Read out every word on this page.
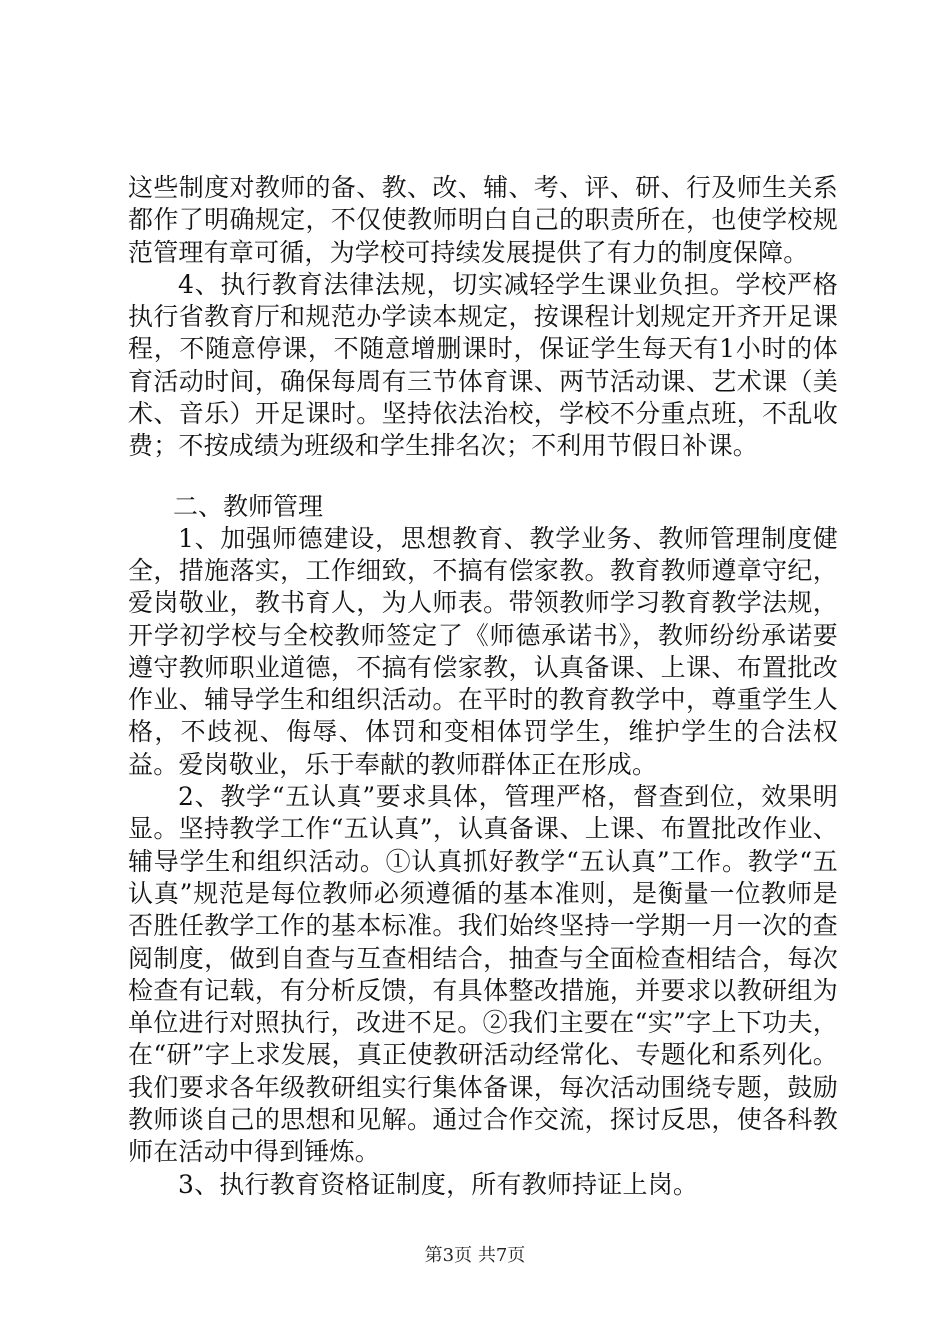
这些制度对教师的备、教、改、辅、考、评、研、行及师生关系都作了明确规定，不仅使教师明白自己的职责所在，也使学校规范管理有章可循，为学校可持续发展提供了有力的制度保障。

4、执行教育法律法规，切实减轻学生课业负担。学校严格执行省教育厅和规范办学读本规定，按课程计划规定开齐开足课程，不随意停课，不随意增删课时，保证学生每天有1小时的体育活动时间，确保每周有三节体育课、两节活动课、艺术课（美术、音乐）开足课时。坚持依法治校，学校不分重点班，不乱收费；不按成绩为班级和学生排名次；不利用节假日补课。

二、教师管理

1、加强师德建设，思想教育、教学业务、教师管理制度健全，措施落实，工作细致，不搞有偿家教。教育教师遵章守纪，爱岗敬业，教书育人，为人师表。带领教师学习教育教学法规，开学初学校与全校教师签定了《师德承诺书》，教师纷纷承诺要遵守教师职业道德，不搞有偿家教，认真备课、上课、布置批改作业、辅导学生和组织活动。在平时的教育教学中，尊重学生人格，不歧视、侮辱、体罚和变相体罚学生，维护学生的合法权益。爱岗敬业，乐于奉献的教师群体正在形成。

2、教学“五认真”要求具体，管理严格，督查到位，效果明显。坚持教学工作“五认真”，认真备课、上课、布置批改作业、辅导学生和组织活动。①认真抓好教学“五认真”工作。教学“五认真”规范是每位教师必须遵循的基本准则，是衡量一位教师是否胜任教学工作的基本标准。我们始终坚持一学期一月一次的查阅制度，做到自查与互查相结合，抽查与全面检查相结合，每次检查有记载，有分析反馈，有具体整改措施，并要求以教研组为单位进行对照执行，改进不足。②我们主要在“实”字上下功夫，在“研”字上求发展，真正使教研活动经常化、专题化和系列化。我们要求各年级教研组实行集体备课，每次活动围绕专题，鼓励教师谈自己的思想和见解。通过合作交流，探讨反思，使各科教师在活动中得到锤炼。

3、执行教育资格证制度，所有教师持证上岗。

第3页 共7页
